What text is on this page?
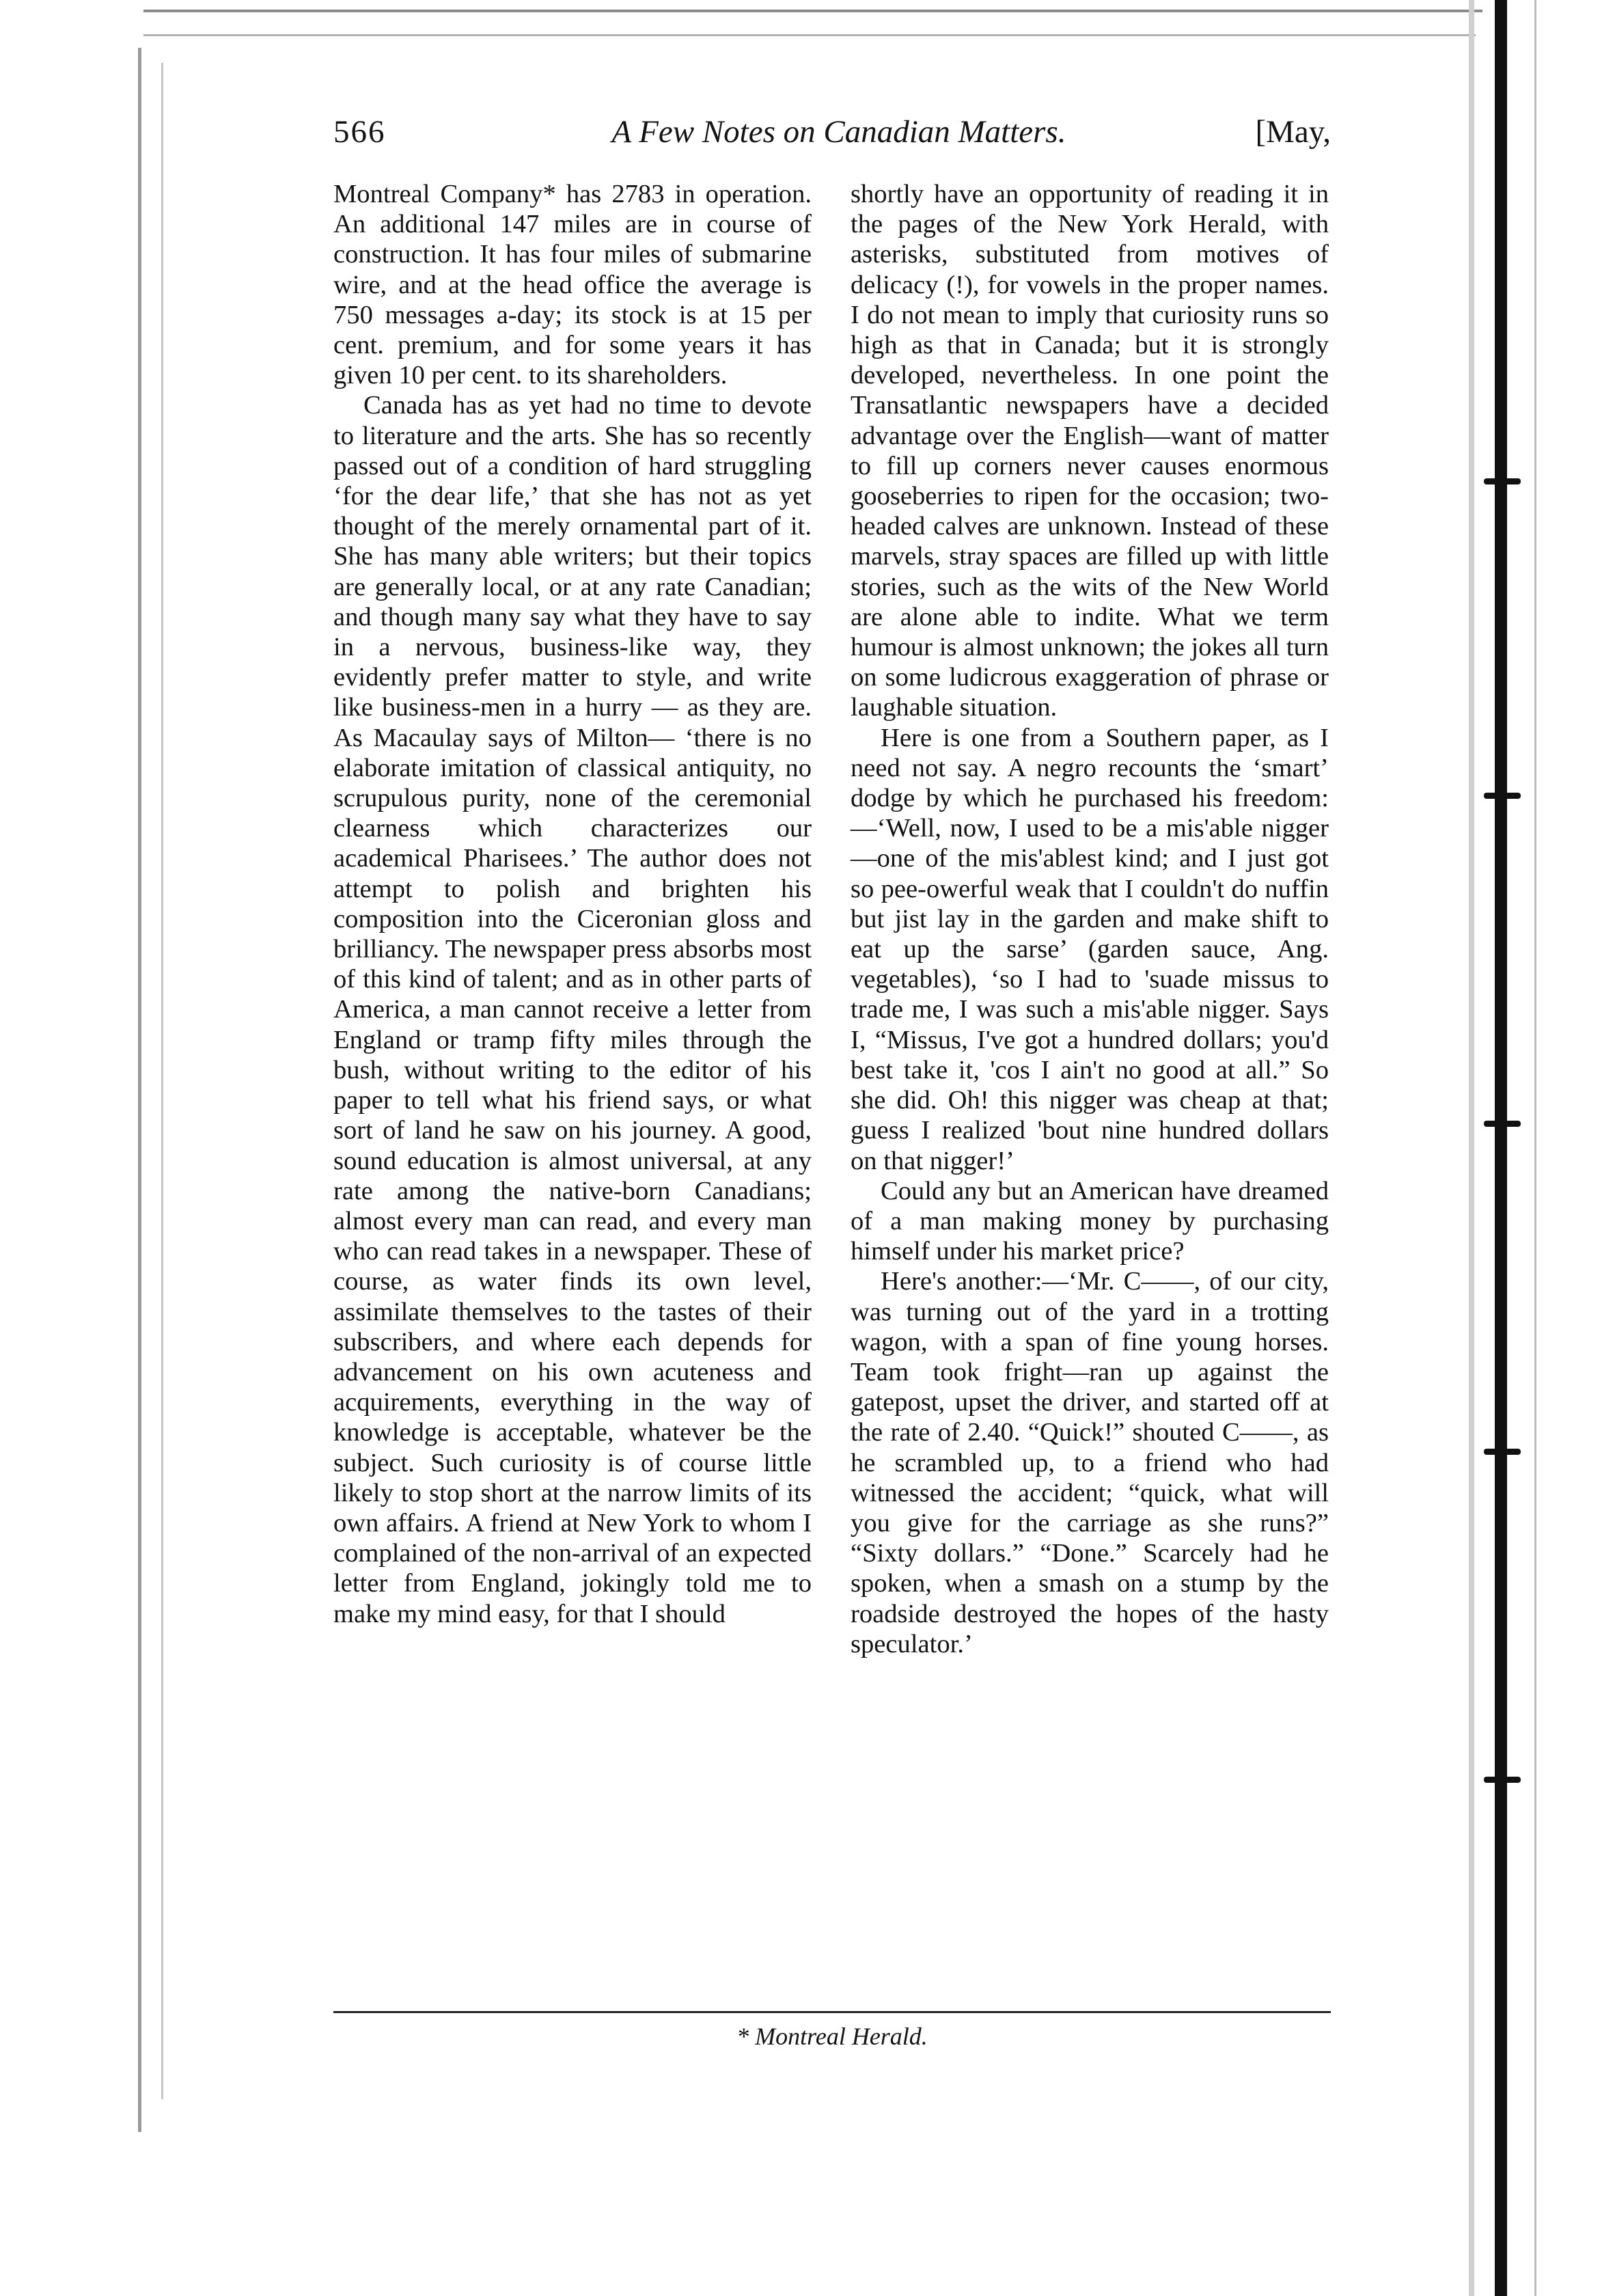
566	A Few Notes on Canadian Matters.	[May,

Montreal Company* has 2783 in operation. An additional 147 miles are in course of construction. It has four miles of submarine wire, and at the head office the average is 750 messages a-day; its stock is at 15 per cent. premium, and for some years it has given 10 per cent. to its shareholders.

Canada has as yet had no time to devote to literature and the arts. She has so recently passed out of a condition of hard struggling ‘for the dear life,’ that she has not as yet thought of the merely ornamental part of it. She has many able writers; but their topics are generally local, or at any rate Canadian; and though many say what they have to say in a nervous, business-like way, they evidently prefer matter to style, and write like business-men in a hurry — as they are. As Macaulay says of Milton— ‘there is no elaborate imitation of classical antiquity, no scrupulous purity, none of the ceremonial clearness which characterizes our academical Pharisees.’ The author does not attempt to polish and brighten his composition into the Ciceronian gloss and brilliancy. The newspaper press absorbs most of this kind of talent; and as in other parts of America, a man cannot receive a letter from England or tramp fifty miles through the bush, without writing to the editor of his paper to tell what his friend says, or what sort of land he saw on his journey. A good, sound education is almost universal, at any rate among the native-born Canadians; almost every man can read, and every man who can read takes in a newspaper. These of course, as water finds its own level, assimilate themselves to the tastes of their subscribers, and where each depends for advancement on his own acuteness and acquirements, everything in the way of knowledge is acceptable, whatever be the subject. Such curiosity is of course little likely to stop short at the narrow limits of its own affairs. A friend at New York to whom I complained of the non-arrival of an expected letter from England, jokingly told me to make my mind easy, for that I should

shortly have an opportunity of reading it in the pages of the New York Herald, with asterisks, substituted from motives of delicacy (!), for vowels in the proper names. I do not mean to imply that curiosity runs so high as that in Canada; but it is strongly developed, nevertheless. In one point the Transatlantic newspapers have a decided advantage over the English—want of matter to fill up corners never causes enormous gooseberries to ripen for the occasion; two-headed calves are unknown. Instead of these marvels, stray spaces are filled up with little stories, such as the wits of the New World are alone able to indite. What we term humour is almost unknown; the jokes all turn on some ludicrous exaggeration of phrase or laughable situation.

Here is one from a Southern paper, as I need not say. A negro recounts the ‘smart’ dodge by which he purchased his freedom:—‘Well, now, I used to be a mis'able nigger—one of the mis'ablest kind; and I just got so pee-owerful weak that I couldn't do nuffin but jist lay in the garden and make shift to eat up the sarse’ (garden sauce, Ang. vegetables), ‘so I had to 'suade missus to trade me, I was such a mis'able nigger. Says I, “Missus, I've got a hundred dollars; you'd best take it, 'cos I ain't no good at all.” So she did. Oh! this nigger was cheap at that; guess I realized 'bout nine hundred dollars on that nigger!’

Could any but an American have dreamed of a man making money by purchasing himself under his market price?

Here's another:—‘Mr. C——, of our city, was turning out of the yard in a trotting wagon, with a span of fine young horses. Team took fright—ran up against the gatepost, upset the driver, and started off at the rate of 2.40. “Quick!” shouted C——, as he scrambled up, to a friend who had witnessed the accident; “quick, what will you give for the carriage as she runs?” “Sixty dollars.” “Done.” Scarcely had he spoken, when a smash on a stump by the roadside destroyed the hopes of the hasty speculator.’

* Montreal Herald.
